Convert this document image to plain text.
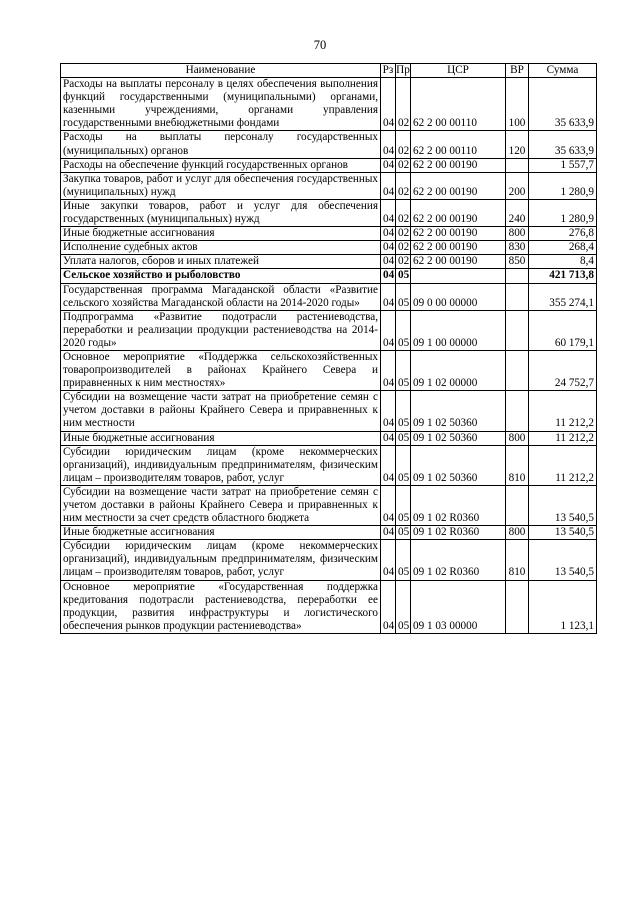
70
Наименование	Рз	Пр	ЦСР	ВР	Сумма
Расходы на выплаты персоналу в целях обеспечения выполнения функций государственными (муниципальными) органами, казенными учреждениями, органами управления государственными внебюджетными фондами	04	02	62 2 00 00110	100	35 633,9
Расходы на выплаты персоналу государственных (муниципальных) органов	04	02	62 2 00 00110	120	35 633,9
Расходы на обеспечение функций государственных органов	04	02	62 2 00 00190		1 557,7
Закупка товаров, работ и услуг для обеспечения государственных (муниципальных) нужд	04	02	62 2 00 00190	200	1 280,9
Иные закупки товаров, работ и услуг для обеспечения государственных (муниципальных) нужд	04	02	62 2 00 00190	240	1 280,9
Иные бюджетные ассигнования	04	02	62 2 00 00190	800	276,8
Исполнение судебных актов	04	02	62 2 00 00190	830	268,4
Уплата налогов, сборов и иных платежей	04	02	62 2 00 00190	850	8,4
Сельское хозяйство и рыболовство	04	05			421 713,8
Государственная программа Магаданской области «Развитие сельского хозяйства Магаданской области на 2014-2020 годы»	04	05	09 0 00 00000		355 274,1
Подпрограмма «Развитие подотрасли растениеводства, переработки и реализации продукции растениеводства на 2014-2020 годы»	04	05	09 1 00 00000		60 179,1
Основное мероприятие «Поддержка сельскохозяйственных товаропроизводителей в районах Крайнего Севера и приравненных к ним местностях»	04	05	09 1 02 00000		24 752,7
Субсидии на возмещение части затрат на приобретение семян с учетом доставки в районы Крайнего Севера и приравненных к ним местности	04	05	09 1 02 50360		11 212,2
Иные бюджетные ассигнования	04	05	09 1 02 50360	800	11 212,2
Субсидии юридическим лицам (кроме некоммерческих организаций), индивидуальным предпринимателям, физическим лицам – производителям товаров, работ, услуг	04	05	09 1 02 50360	810	11 212,2
Субсидии на возмещение части затрат на приобретение семян с учетом доставки в районы Крайнего Севера и приравненных к ним местности за счет средств областного бюджета	04	05	09 1 02 R0360		13 540,5
Иные бюджетные ассигнования	04	05	09 1 02 R0360	800	13 540,5
Субсидии юридическим лицам (кроме некоммерческих организаций), индивидуальным предпринимателям, физическим лицам – производителям товаров, работ, услуг	04	05	09 1 02 R0360	810	13 540,5
Основное мероприятие «Государственная поддержка кредитования подотрасли растениеводства, переработки ее продукции, развития инфраструктуры и логистического обеспечения рынков продукции растениеводства»	04	05	09 1 03 00000		1 123,1
